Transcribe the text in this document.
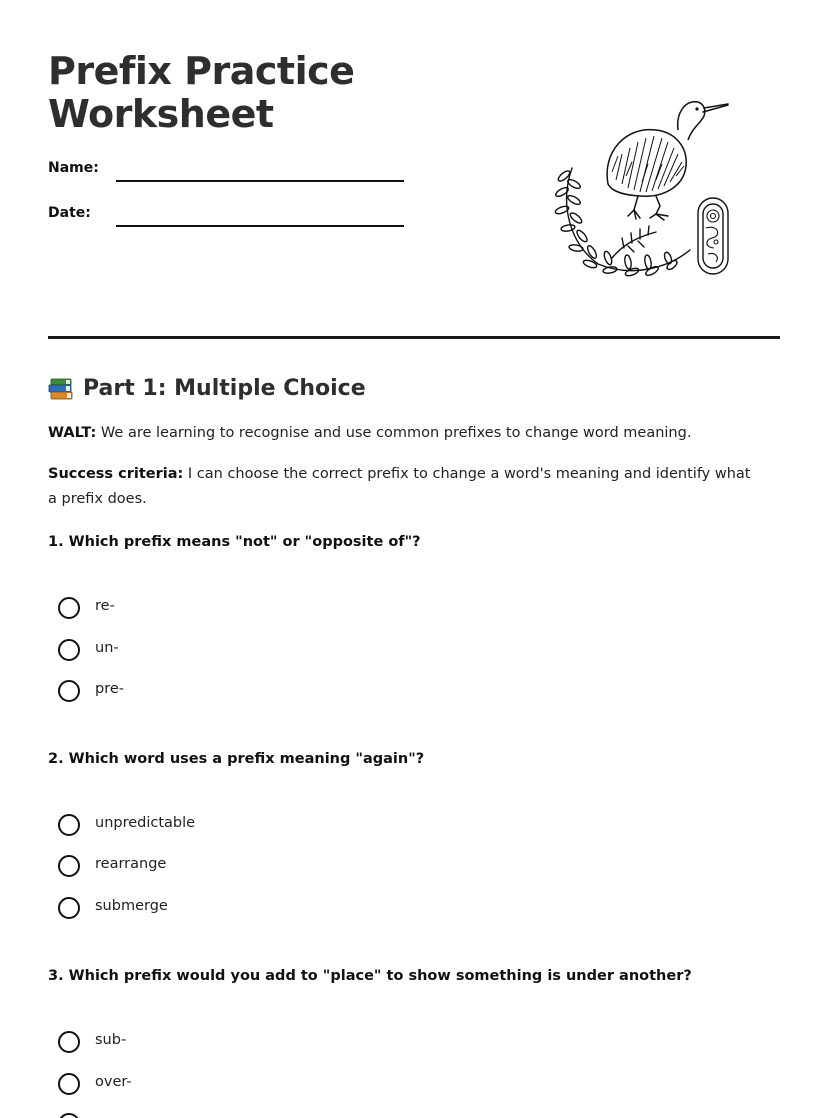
Prefix Practice
Worksheet
Name:
Date:
Part 1: Multiple Choice
WALT: We are learning to recognise and use common prefixes to change word meaning.
Success criteria: I can choose the correct prefix to change a word's meaning and identify what a prefix does.
1. Which prefix means "not" or "opposite of"?
re-
un-
pre-
2. Which word uses a prefix meaning "again"?
unpredictable
rearrange
submerge
3. Which prefix would you add to "place" to show something is under another?
sub-
over-
